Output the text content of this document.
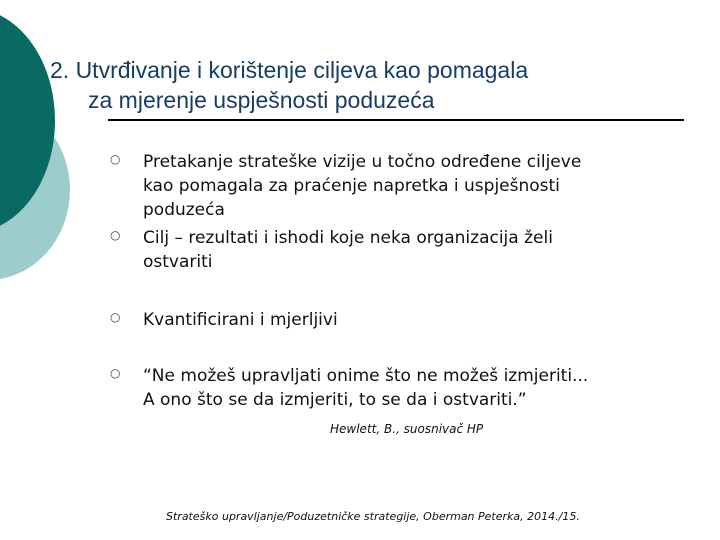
2. Utvrđivanje i korištenje ciljeva kao pomagala
za mjerenje uspješnosti poduzeća
○ Pretakanje strateške vizije u točno određene ciljeve
kao pomagala za praćenje napretka i uspješnosti
poduzeća
○ Cilj – rezultati i ishodi koje neka organizacija želi
ostvariti
○ Kvantificirani i mjerljivi
○ “Ne možeš upravljati onime što ne možeš izmjeriti...
A ono što se da izmjeriti, to se da i ostvariti.”
Hewlett, B., suosnivač HP
Strateško upravljanje/Poduzetničke strategije, Oberman Peterka, 2014./15.
